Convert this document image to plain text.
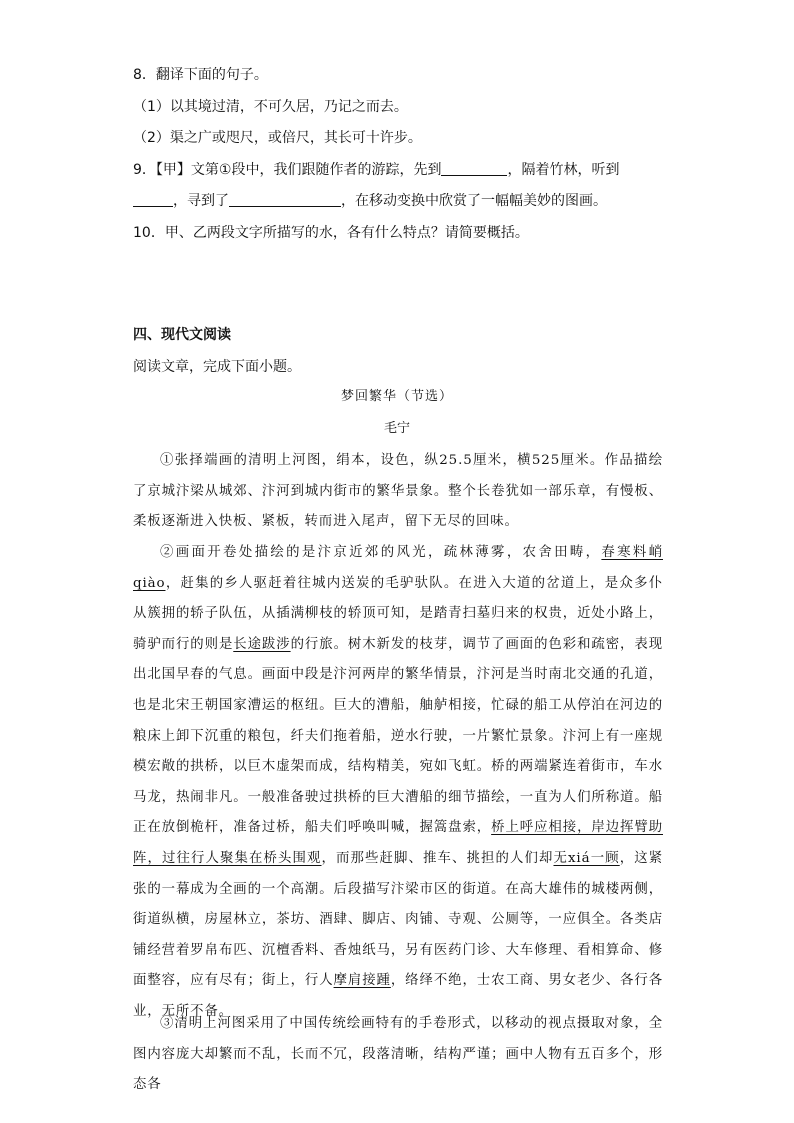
8．翻译下面的句子。
（1）以其境过清，不可久居，乃记之而去。
（2）渠之广或咫尺，或倍尺，其长可十许步。
9．【甲】文第①段中，我们跟随作者的游踪，先到	，隔着竹林，听到
，寻到了	，在移动变换中欣赏了一幅幅美妙的图画。
10．甲、乙两段文字所描写的水，各有什么特点？请简要概括。
四、现代文阅读
阅读文章，完成下面小题。
梦回繁华（节选）
毛宁

①张择端画的清明上河图，绢本，设色，纵25.5厘米，横525厘米。作品描绘了京城汴梁从城郊、汴河到城内街市的繁华景象。整个长卷犹如一部乐章，有慢板、柔板逐渐进入快板、紧板，转而进入尾声，留下无尽的回味。

②画面开卷处描绘的是汴京近郊的风光，疏林薄雾，农舍田畴，春寒料峭qiào，赶集的乡人驱赶着往城内送炭的毛驴驮队。在进入大道的岔道上，是众多仆从簇拥的轿子队伍，从插满柳枝的轿顶可知，是踏青扫墓归来的权贵，近处小路上，骑驴而行的则是长途跋涉的行旅。树木新发的枝芽，调节了画面的色彩和疏密，表现出北国早春的气息。画面中段是汴河两岸的繁华情景，汴河是当时南北交通的孔道，也是北宋王朝国家漕运的枢纽。巨大的漕船，舳舻相接，忙碌的船工从停泊在河边的粮床上卸下沉重的粮包，纤夫们拖着船，逆水行驶，一片繁忙景象。汴河上有一座规模宏敞的拱桥，以巨木虚架而成，结构精美，宛如飞虹。桥的两端紧连着街市，车水马龙，热闹非凡。一般准备驶过拱桥的巨大漕船的细节描绘，一直为人们所称道。船正在放倒桅杆，准备过桥，船夫们呼唤叫喊，握篙盘索，桥上呼应相接，岸边挥臂助阵，过往行人聚集在桥头围观，而那些赶脚、推车、挑担的人们却无xiá一顾，这紧张的一幕成为全画的一个高潮。后段描写汴梁市区的街道。在高大雄伟的城楼两侧，街道纵横，房屋林立，茶坊、酒肆、脚店、肉铺、寺观、公厕等，一应俱全。各类店铺经营着罗帛布匹、沉檀香料、香烛纸马，另有医药门诊、大车修理、看相算命、修面整容，应有尽有；街上，行人摩肩接踵，络绎不绝，士农工商、男女老少、各行各业，无所不备。

③清明上河图采用了中国传统绘画特有的手卷形式，以移动的视点摄取对象，全图内容庞大却繁而不乱，长而不冗，段落清晰，结构严谨；画中人物有五百多个，形态各
